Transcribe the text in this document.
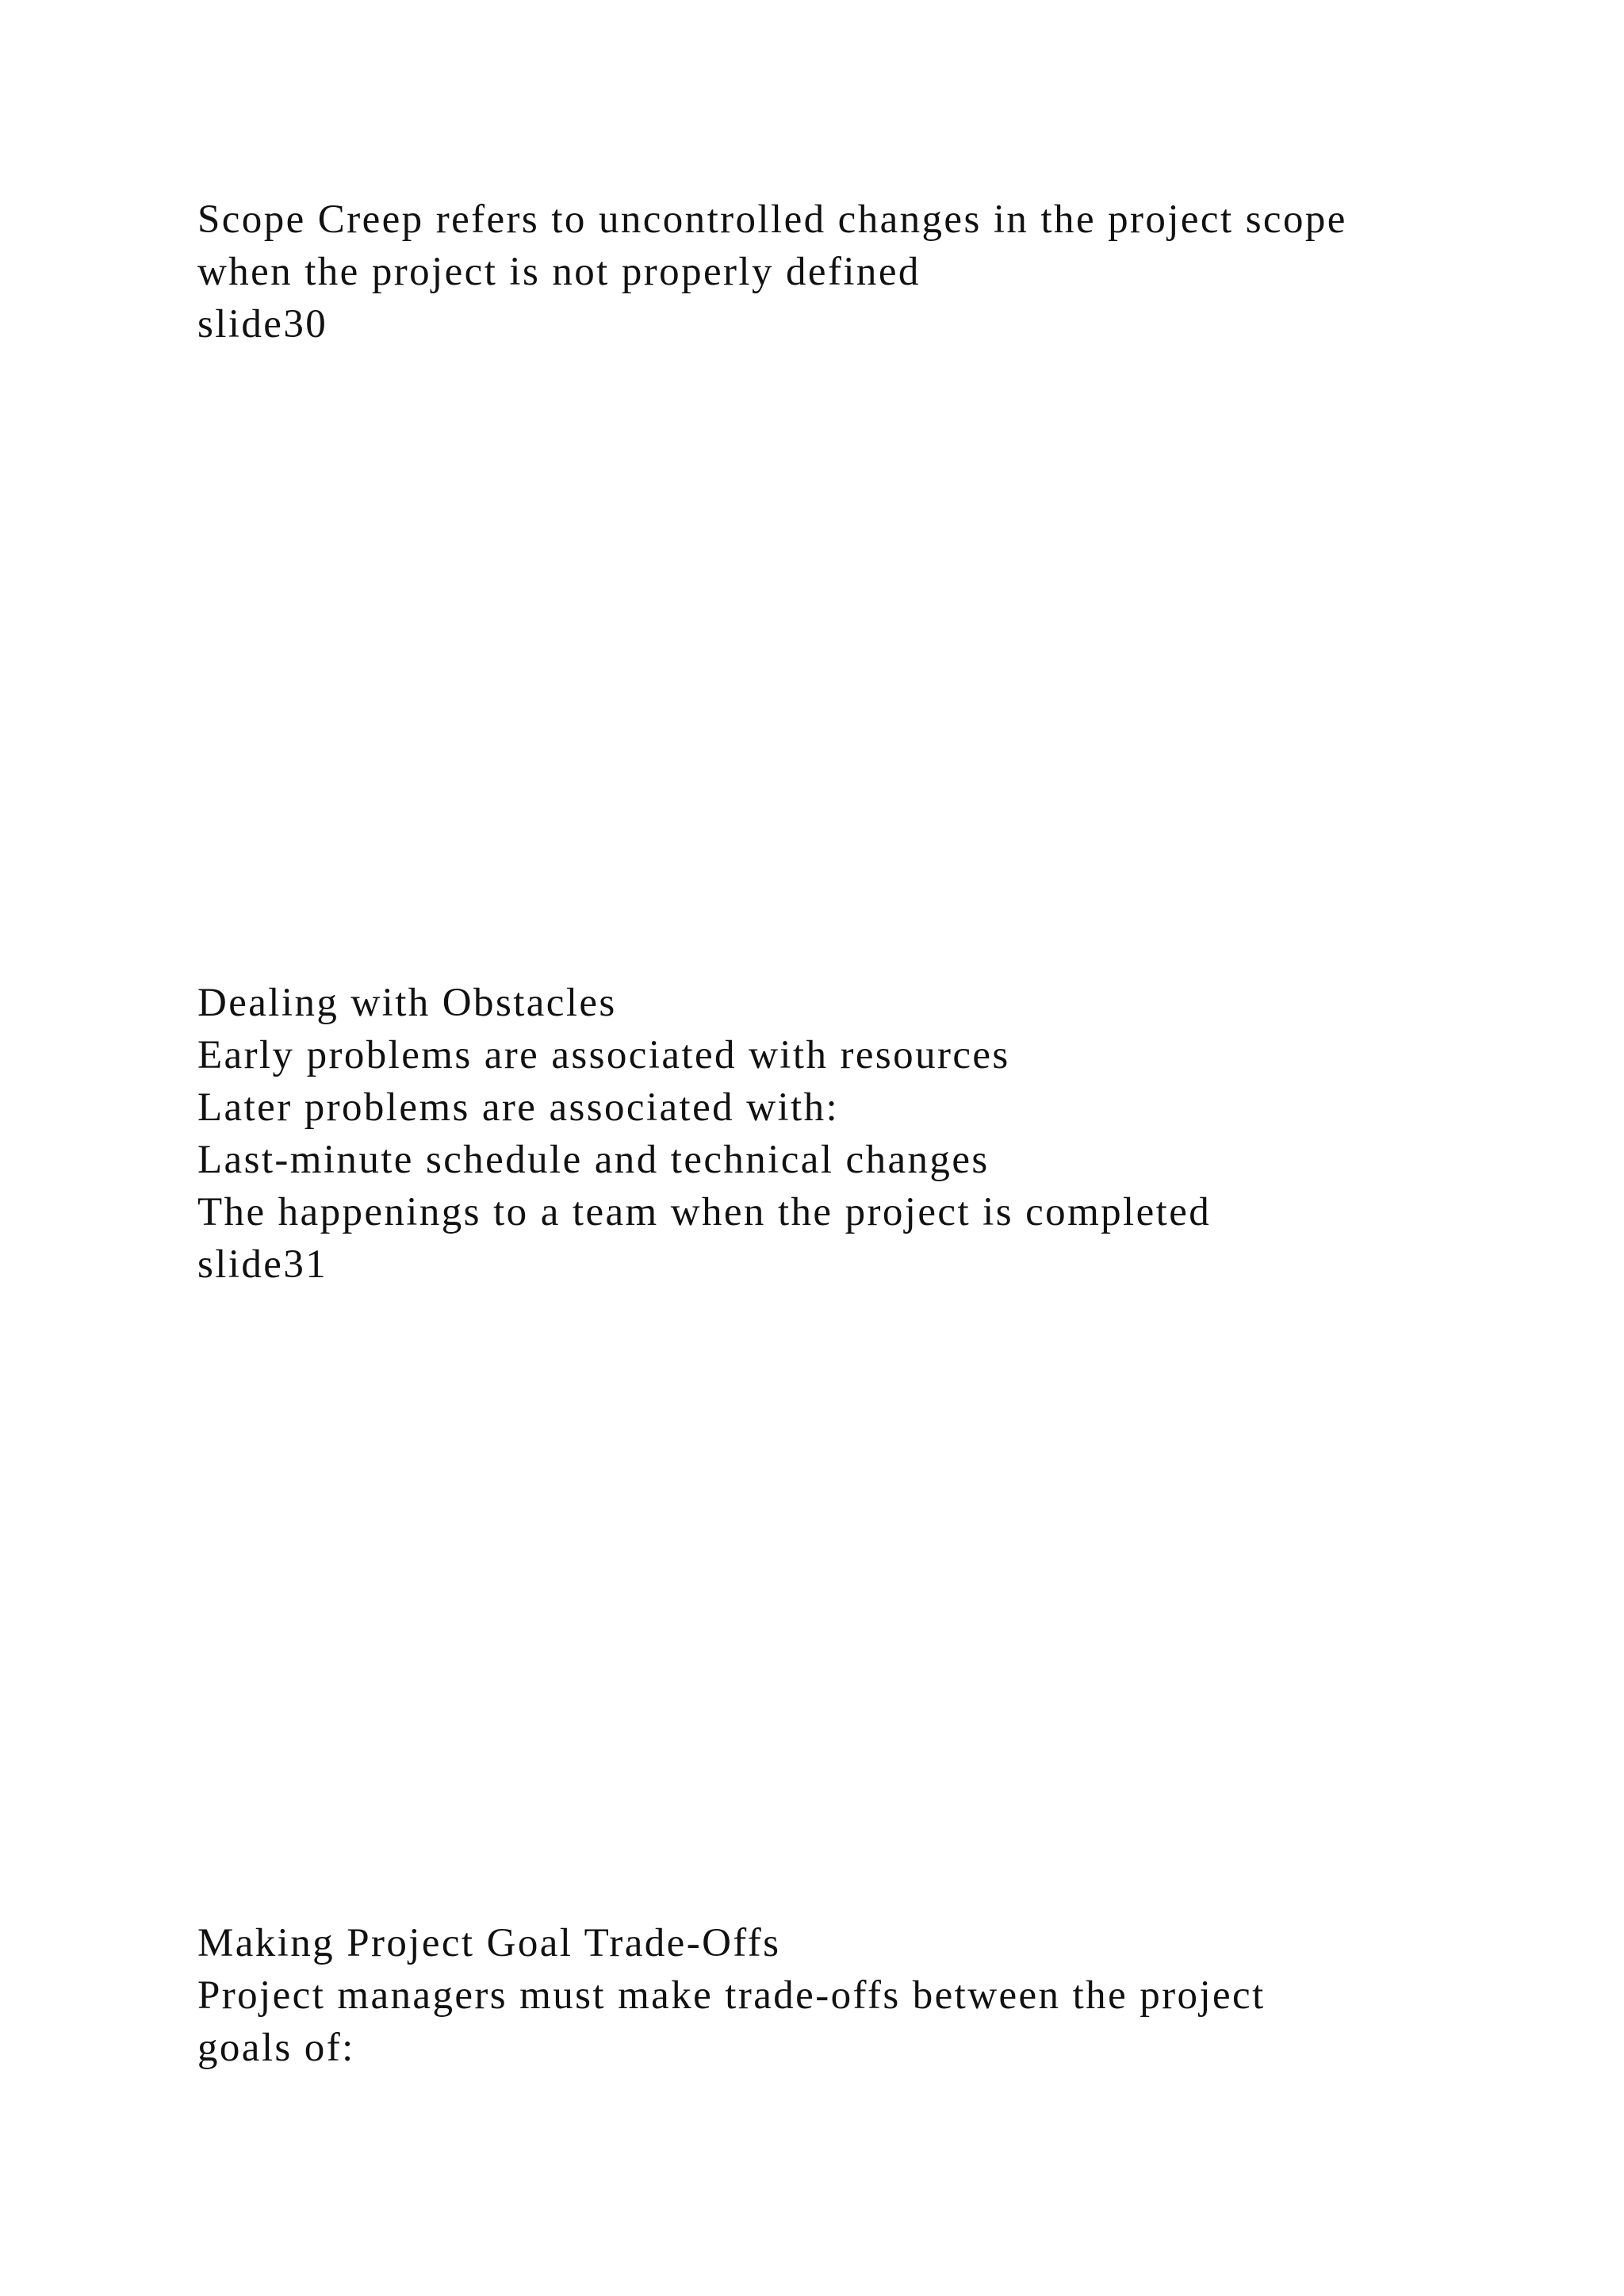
Scope Creep refers to uncontrolled changes in the project scope

when the project is not properly defined

slide30

Dealing with Obstacles

Early problems are associated with resources

Later problems are associated with:

Last-minute schedule and technical changes

The happenings to a team when the project is completed

slide31

Making Project Goal Trade-Offs

Project managers must make trade-offs between the project

goals of:
